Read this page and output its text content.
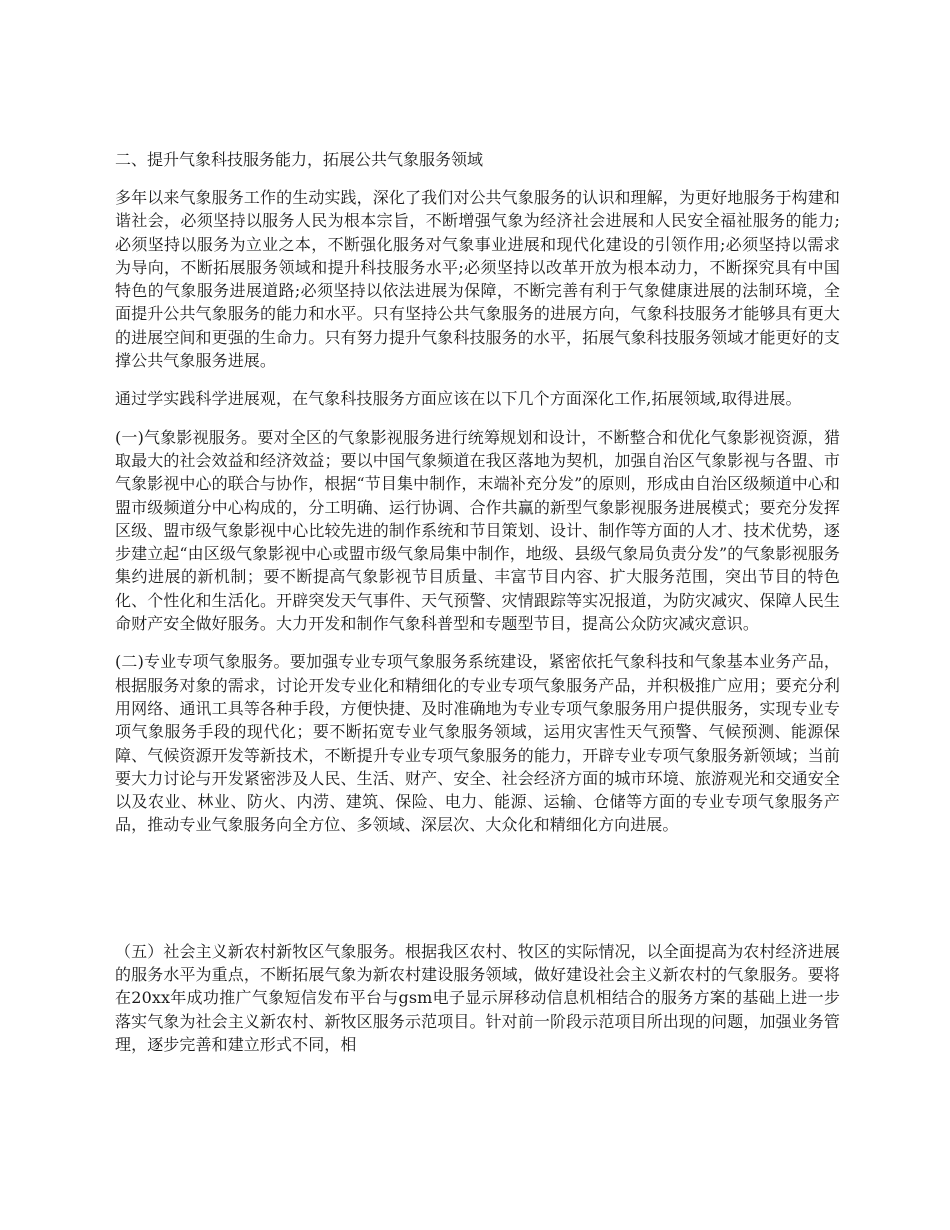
二、提升气象科技服务能力，拓展公共气象服务领域

多年以来气象服务工作的生动实践，深化了我们对公共气象服务的认识和理解，为更好地服务于构建和谐社会，必须坚持以服务人民为根本宗旨，不断增强气象为经济社会进展和人民安全福祉服务的能力;必须坚持以服务为立业之本，不断强化服务对气象事业进展和现代化建设的引领作用;必须坚持以需求为导向，不断拓展服务领域和提升科技服务水平;必须坚持以改革开放为根本动力，不断探究具有中国特色的气象服务进展道路;必须坚持以依法进展为保障，不断完善有利于气象健康进展的法制环境，全面提升公共气象服务的能力和水平。只有坚持公共气象服务的进展方向，气象科技服务才能够具有更大的进展空间和更强的生命力。只有努力提升气象科技服务的水平，拓展气象科技服务领域才能更好的支撑公共气象服务进展。

通过学实践科学进展观，在气象科技服务方面应该在以下几个方面深化工作,拓展领域,取得进展。

(一)气象影视服务。要对全区的气象影视服务进行统筹规划和设计，不断整合和优化气象影视资源，猎取最大的社会效益和经济效益；要以中国气象频道在我区落地为契机，加强自治区气象影视与各盟、市气象影视中心的联合与协作，根据“节目集中制作，末端补充分发”的原则，形成由自治区级频道中心和盟市级频道分中心构成的，分工明确、运行协调、合作共赢的新型气象影视服务进展模式；要充分发挥区级、盟市级气象影视中心比较先进的制作系统和节目策划、设计、制作等方面的人才、技术优势，逐步建立起“由区级气象影视中心或盟市级气象局集中制作，地级、县级气象局负责分发”的气象影视服务集约进展的新机制；要不断提高气象影视节目质量、丰富节目内容、扩大服务范围，突出节目的特色化、个性化和生活化。开辟突发天气事件、天气预警、灾情跟踪等实况报道，为防灾减灾、保障人民生命财产安全做好服务。大力开发和制作气象科普型和专题型节目，提高公众防灾减灾意识。

(二)专业专项气象服务。要加强专业专项气象服务系统建设，紧密依托气象科技和气象基本业务产品，根据服务对象的需求，讨论开发专业化和精细化的专业专项气象服务产品，并积极推广应用；要充分利用网络、通讯工具等各种手段，方便快捷、及时准确地为专业专项气象服务用户提供服务，实现专业专项气象服务手段的现代化；要不断拓宽专业气象服务领域，运用灾害性天气预警、气候预测、能源保障、气候资源开发等新技术，不断提升专业专项气象服务的能力，开辟专业专项气象服务新领域；当前要大力讨论与开发紧密涉及人民、生活、财产、安全、社会经济方面的城市环境、旅游观光和交通安全以及农业、林业、防火、内涝、建筑、保险、电力、能源、运输、仓储等方面的专业专项气象服务产品，推动专业气象服务向全方位、多领域、深层次、大众化和精细化方向进展。

（五）社会主义新农村新牧区气象服务。根据我区农村、牧区的实际情况，以全面提高为农村经济进展的服务水平为重点，不断拓展气象为新农村建设服务领域，做好建设社会主义新农村的气象服务。要将在20xx年成功推广气象短信发布平台与gsm电子显示屏移动信息机相结合的服务方案的基础上进一步落实气象为社会主义新农村、新牧区服务示范项目。针对前一阶段示范项目所出现的问题，加强业务管理，逐步完善和建立形式不同，相
